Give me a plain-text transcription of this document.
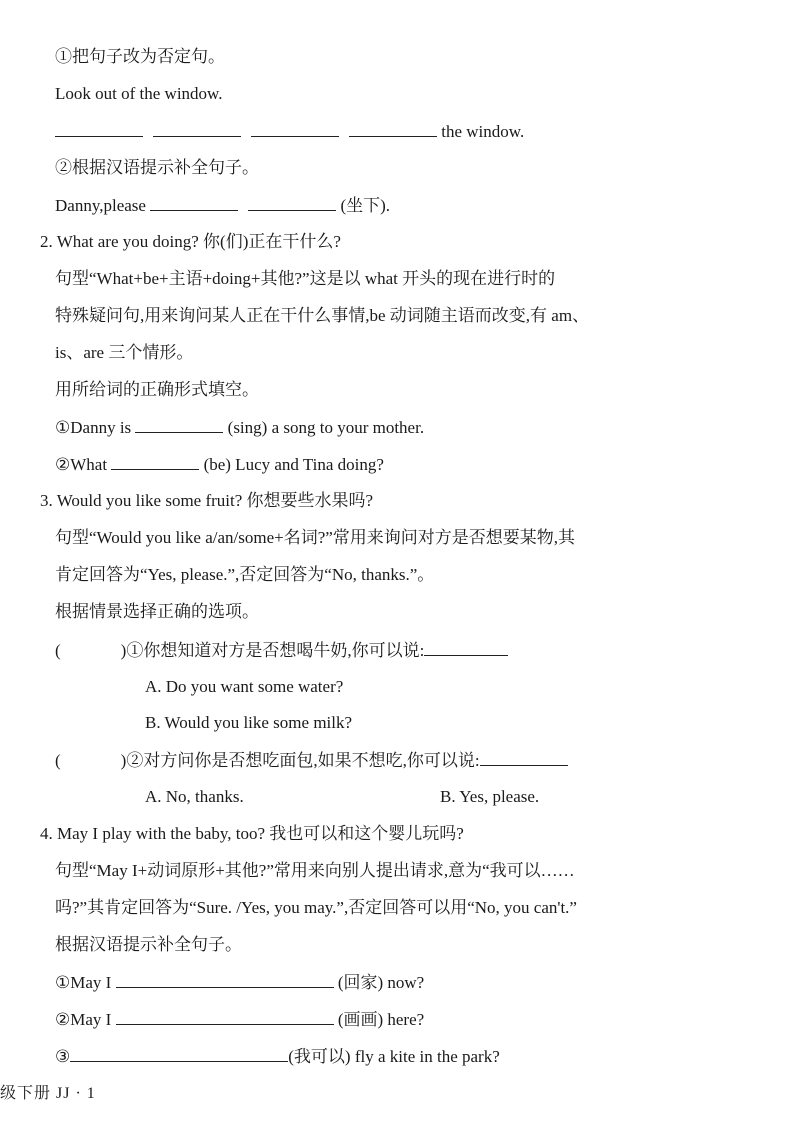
①把句子改为否定句。
Look out of the window.
the window.
②根据汉语提示补全句子。
Danny,please	(坐下).
2. What are you doing? 你(们)正在干什么?
句型“What+be+主语+doing+其他?”这是以 what 开头的现在进行时的
特殊疑问句,用来询问某人正在干什么事情,be 动词随主语而改变,有 am、
is、are 三个情形。
用所给词的正确形式填空。
①Danny is	(sing) a song to your mother.
②What	(be) Lucy and Tina doing?
3. Would you like some fruit? 你想要些水果吗?
句型“Would you like a/an/some+名词?”常用来询问对方是否想要某物,其
肯定回答为“Yes, please.”,否定回答为“No, thanks.”。
根据情景选择正确的选项。
(	)①你想知道对方是否想喝牛奶,你可以说:
A. Do you want some water?
B. Would you like some milk?
(	)②对方问你是否想吃面包,如果不想吃,你可以说:
A. No, thanks.	B. Yes, please.
4. May I play with the baby, too? 我也可以和这个婴儿玩吗?
句型“May I+动词原形+其他?”常用来向别人提出请求,意为“我可以……
吗?”其肯定回答为“Sure. /Yes, you may.”,否定回答可以用“No, you can't.”
根据汉语提示补全句子。
①May I	(回家) now?
②May I	(画画) here?
③	(我可以) fly a kite in the park?
级下册 JJ · 1
